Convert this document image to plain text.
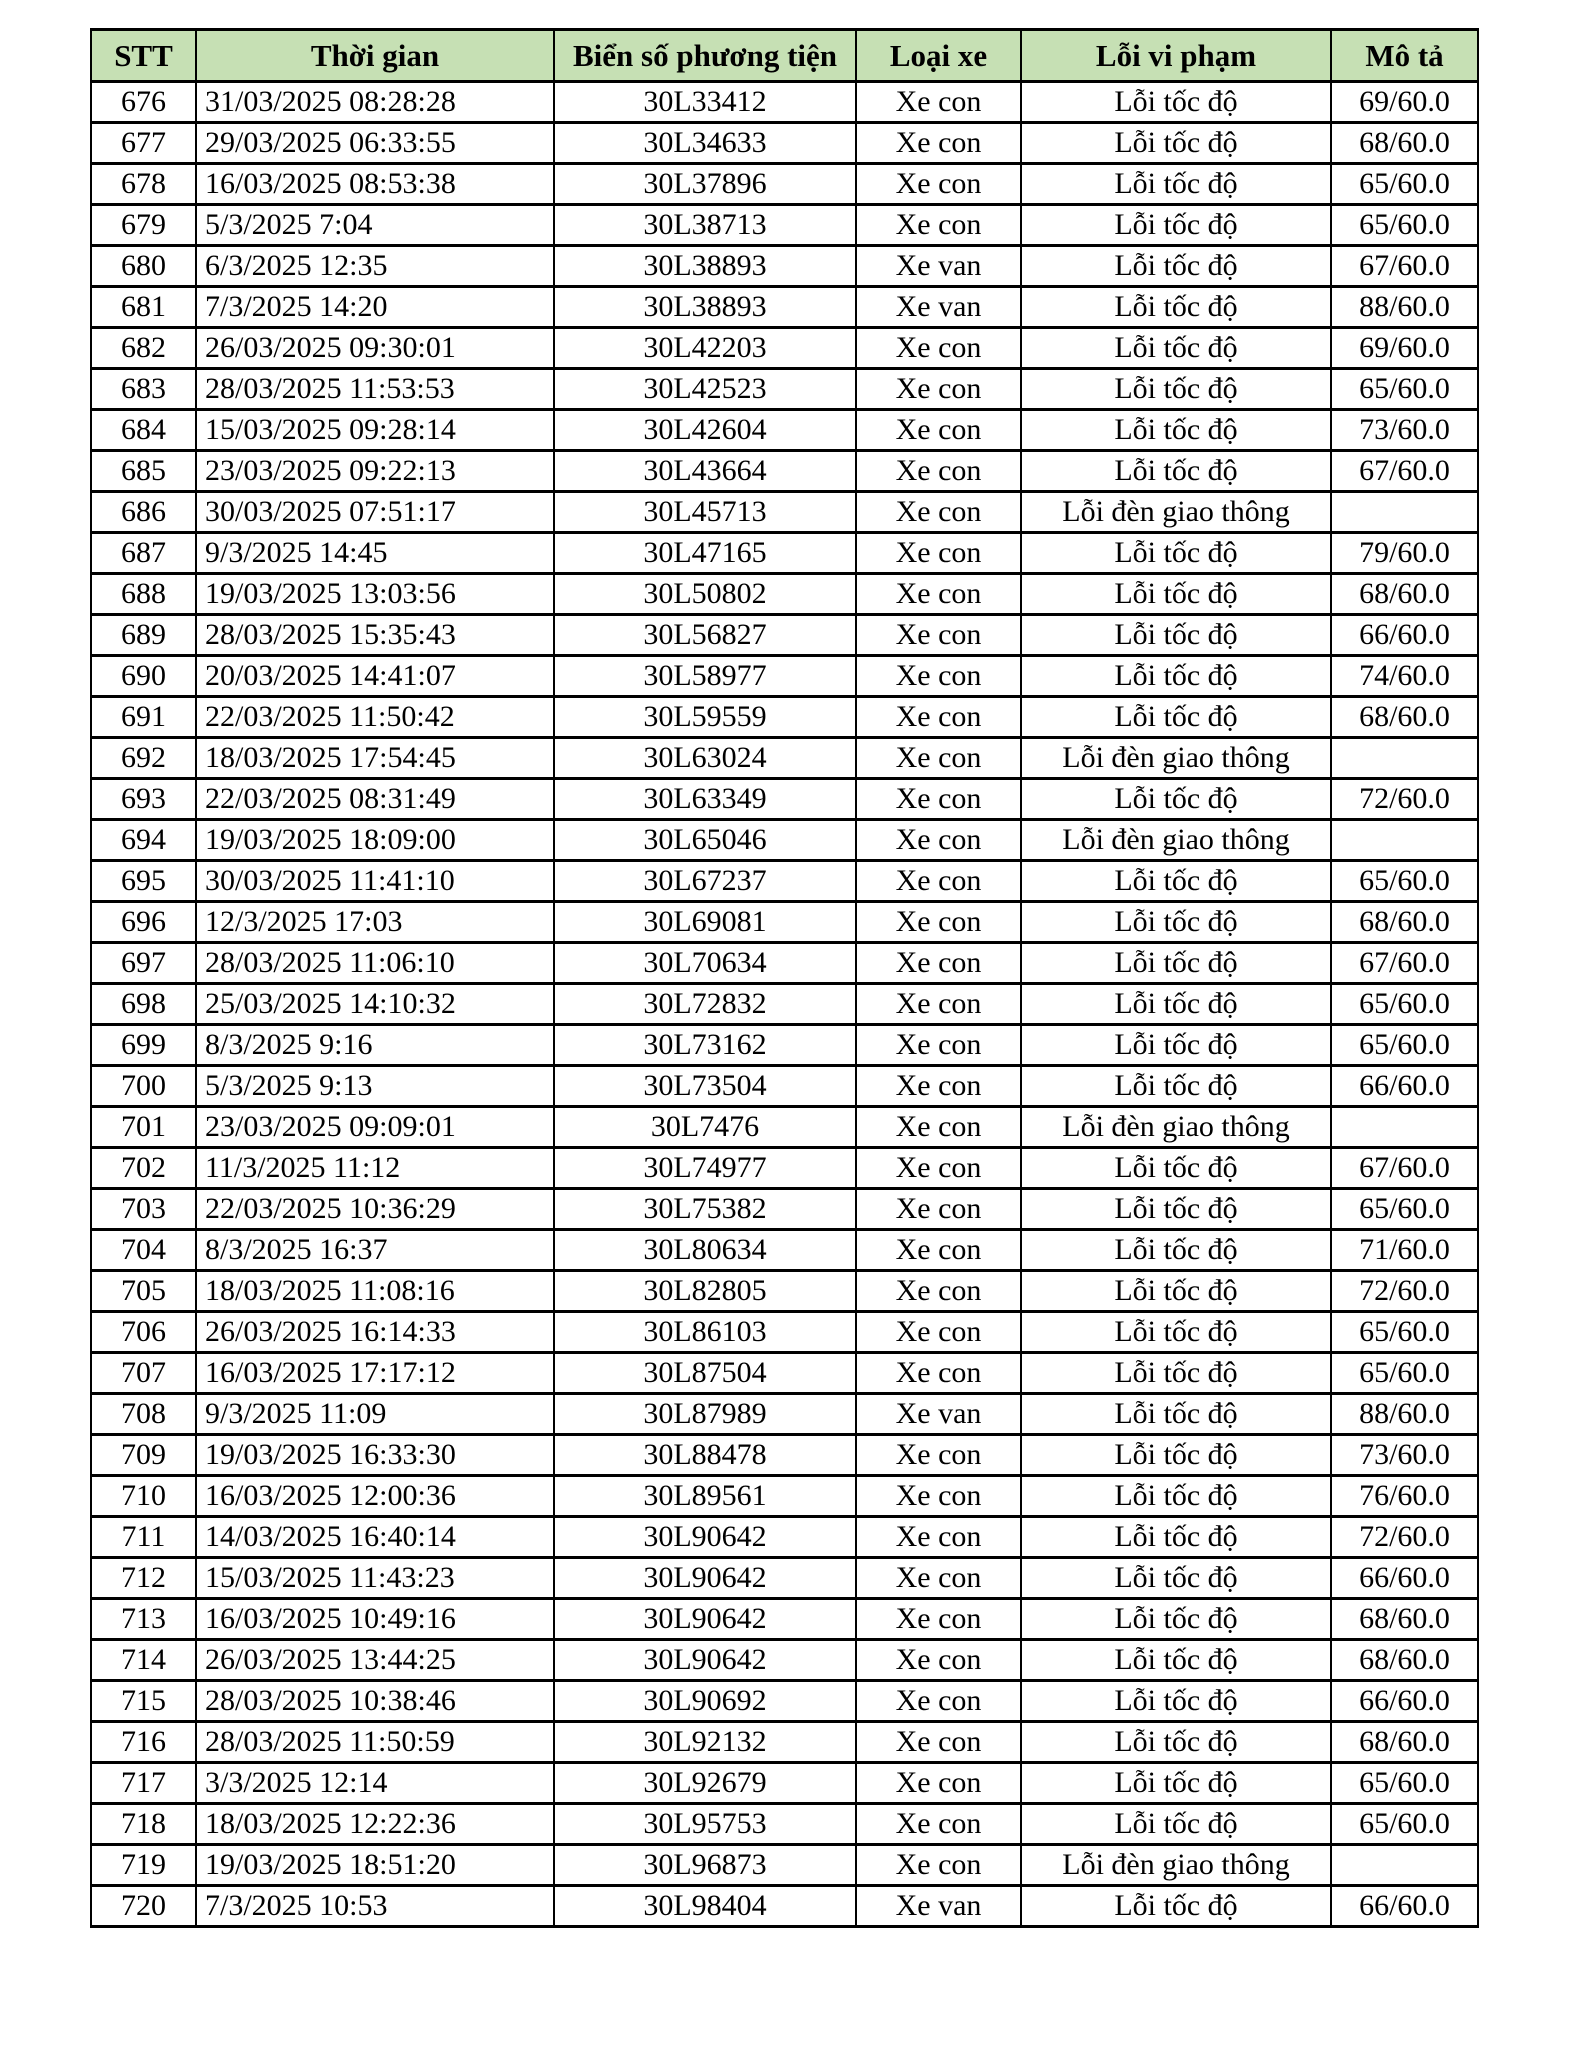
STT	Thời gian	Biển số phương tiện	Loại xe	Lỗi vi phạm	Mô tả
676	31/03/2025 08:28:28	30L33412	Xe con	Lỗi tốc độ	69/60.0
677	29/03/2025 06:33:55	30L34633	Xe con	Lỗi tốc độ	68/60.0
678	16/03/2025 08:53:38	30L37896	Xe con	Lỗi tốc độ	65/60.0
679	5/3/2025 7:04	30L38713	Xe con	Lỗi tốc độ	65/60.0
680	6/3/2025 12:35	30L38893	Xe van	Lỗi tốc độ	67/60.0
681	7/3/2025 14:20	30L38893	Xe van	Lỗi tốc độ	88/60.0
682	26/03/2025 09:30:01	30L42203	Xe con	Lỗi tốc độ	69/60.0
683	28/03/2025 11:53:53	30L42523	Xe con	Lỗi tốc độ	65/60.0
684	15/03/2025 09:28:14	30L42604	Xe con	Lỗi tốc độ	73/60.0
685	23/03/2025 09:22:13	30L43664	Xe con	Lỗi tốc độ	67/60.0
686	30/03/2025 07:51:17	30L45713	Xe con	Lỗi đèn giao thông	
687	9/3/2025 14:45	30L47165	Xe con	Lỗi tốc độ	79/60.0
688	19/03/2025 13:03:56	30L50802	Xe con	Lỗi tốc độ	68/60.0
689	28/03/2025 15:35:43	30L56827	Xe con	Lỗi tốc độ	66/60.0
690	20/03/2025 14:41:07	30L58977	Xe con	Lỗi tốc độ	74/60.0
691	22/03/2025 11:50:42	30L59559	Xe con	Lỗi tốc độ	68/60.0
692	18/03/2025 17:54:45	30L63024	Xe con	Lỗi đèn giao thông	
693	22/03/2025 08:31:49	30L63349	Xe con	Lỗi tốc độ	72/60.0
694	19/03/2025 18:09:00	30L65046	Xe con	Lỗi đèn giao thông	
695	30/03/2025 11:41:10	30L67237	Xe con	Lỗi tốc độ	65/60.0
696	12/3/2025 17:03	30L69081	Xe con	Lỗi tốc độ	68/60.0
697	28/03/2025 11:06:10	30L70634	Xe con	Lỗi tốc độ	67/60.0
698	25/03/2025 14:10:32	30L72832	Xe con	Lỗi tốc độ	65/60.0
699	8/3/2025 9:16	30L73162	Xe con	Lỗi tốc độ	65/60.0
700	5/3/2025 9:13	30L73504	Xe con	Lỗi tốc độ	66/60.0
701	23/03/2025 09:09:01	30L7476	Xe con	Lỗi đèn giao thông	
702	11/3/2025 11:12	30L74977	Xe con	Lỗi tốc độ	67/60.0
703	22/03/2025 10:36:29	30L75382	Xe con	Lỗi tốc độ	65/60.0
704	8/3/2025 16:37	30L80634	Xe con	Lỗi tốc độ	71/60.0
705	18/03/2025 11:08:16	30L82805	Xe con	Lỗi tốc độ	72/60.0
706	26/03/2025 16:14:33	30L86103	Xe con	Lỗi tốc độ	65/60.0
707	16/03/2025 17:17:12	30L87504	Xe con	Lỗi tốc độ	65/60.0
708	9/3/2025 11:09	30L87989	Xe van	Lỗi tốc độ	88/60.0
709	19/03/2025 16:33:30	30L88478	Xe con	Lỗi tốc độ	73/60.0
710	16/03/2025 12:00:36	30L89561	Xe con	Lỗi tốc độ	76/60.0
711	14/03/2025 16:40:14	30L90642	Xe con	Lỗi tốc độ	72/60.0
712	15/03/2025 11:43:23	30L90642	Xe con	Lỗi tốc độ	66/60.0
713	16/03/2025 10:49:16	30L90642	Xe con	Lỗi tốc độ	68/60.0
714	26/03/2025 13:44:25	30L90642	Xe con	Lỗi tốc độ	68/60.0
715	28/03/2025 10:38:46	30L90692	Xe con	Lỗi tốc độ	66/60.0
716	28/03/2025 11:50:59	30L92132	Xe con	Lỗi tốc độ	68/60.0
717	3/3/2025 12:14	30L92679	Xe con	Lỗi tốc độ	65/60.0
718	18/03/2025 12:22:36	30L95753	Xe con	Lỗi tốc độ	65/60.0
719	19/03/2025 18:51:20	30L96873	Xe con	Lỗi đèn giao thông	
720	7/3/2025 10:53	30L98404	Xe van	Lỗi tốc độ	66/60.0
